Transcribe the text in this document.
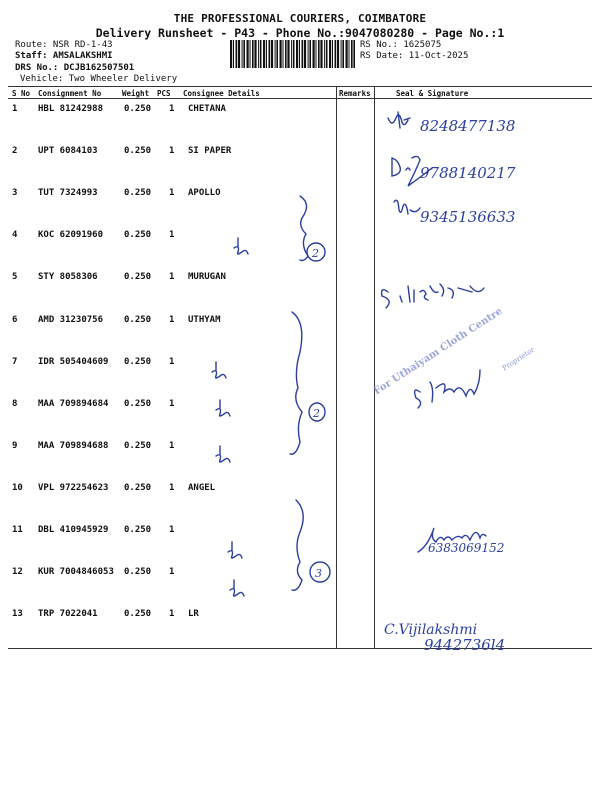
THE PROFESSIONAL COURIERS, COIMBATORE
Delivery Runsheet - P43 - Phone No.:9047080280 - Page No.:1
Route: NSR RD-1-43
Staff: AMSALAKSHMI
DRS No.: DCJB162507501
Vehicle: Two Wheeler Delivery
RS No.: 1625075
RS Date: 11-Oct-2025
S No Consignment No	Weight PCS Consignee Details	Remarks	Seal & Signature
1 HBL 81242988 0.250 1 CHETANA
2 UPT 6084103	0.250 1 SI PAPER
3 TUT 7324993	0.250 1 APOLLO
4 KOC 62091960 0.250 1
5 STY 8058306	0.250 1 MURUGAN
6 AMD 31230756 0.250 1 UTHYAM
7 IDR 505404609 0.250 1
8 MAA 709894684 0.250 1
9 MAA 709894688 0.250 1
10 VPL 972254623 0.250 1 ANGEL
11 DBL 410945929 0.250 1
12 KUR 7004846053 0.250 1
13 TRP 7022041	0.250 1 LR
8248477138
9788140217
9345136633
2
2
3
6383069152
C.Vijilakshmi
9442736l4
For Uthaiyam Cloth Centre
Proprietor
